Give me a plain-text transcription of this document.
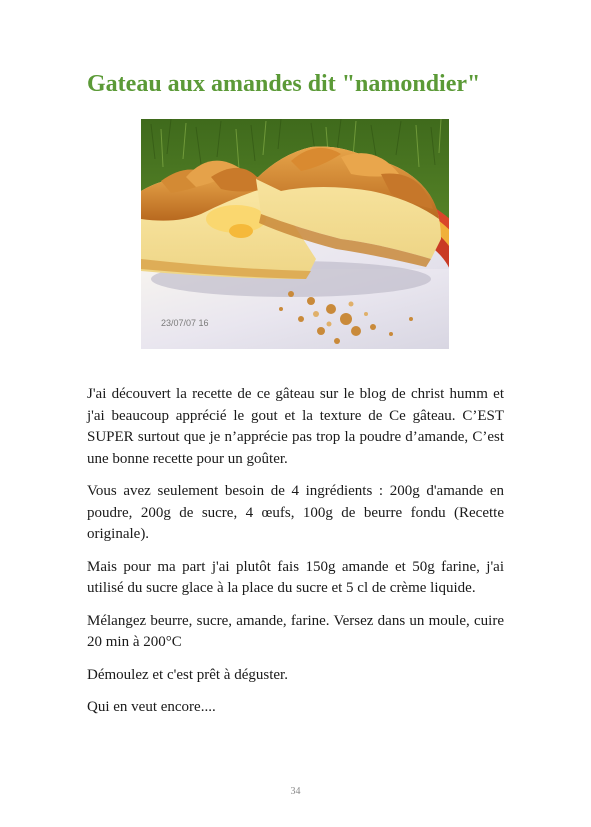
Gateau aux amandes dit "namondier"
23/07/07 16

J'ai découvert la recette de ce gâteau sur le blog de christ humm et j'ai beaucoup apprécié le gout et la texture de Ce gâteau. C’EST SUPER surtout que je n’apprécie pas trop la poudre d’amande, C’est une bonne recette pour un goûter.

Vous avez seulement besoin de 4 ingrédients : 200g d'amande en poudre, 200g de sucre, 4 œufs, 100g de beurre fondu (Recette originale).

Mais pour ma part j'ai plutôt fais 150g amande et 50g farine, j'ai utilisé du sucre glace à la place du sucre et 5 cl de crème liquide.

Mélangez beurre, sucre, amande, farine. Versez dans un moule, cuire 20 min à 200°C

Démoulez et c'est prêt à déguster.

Qui en veut encore....

34
